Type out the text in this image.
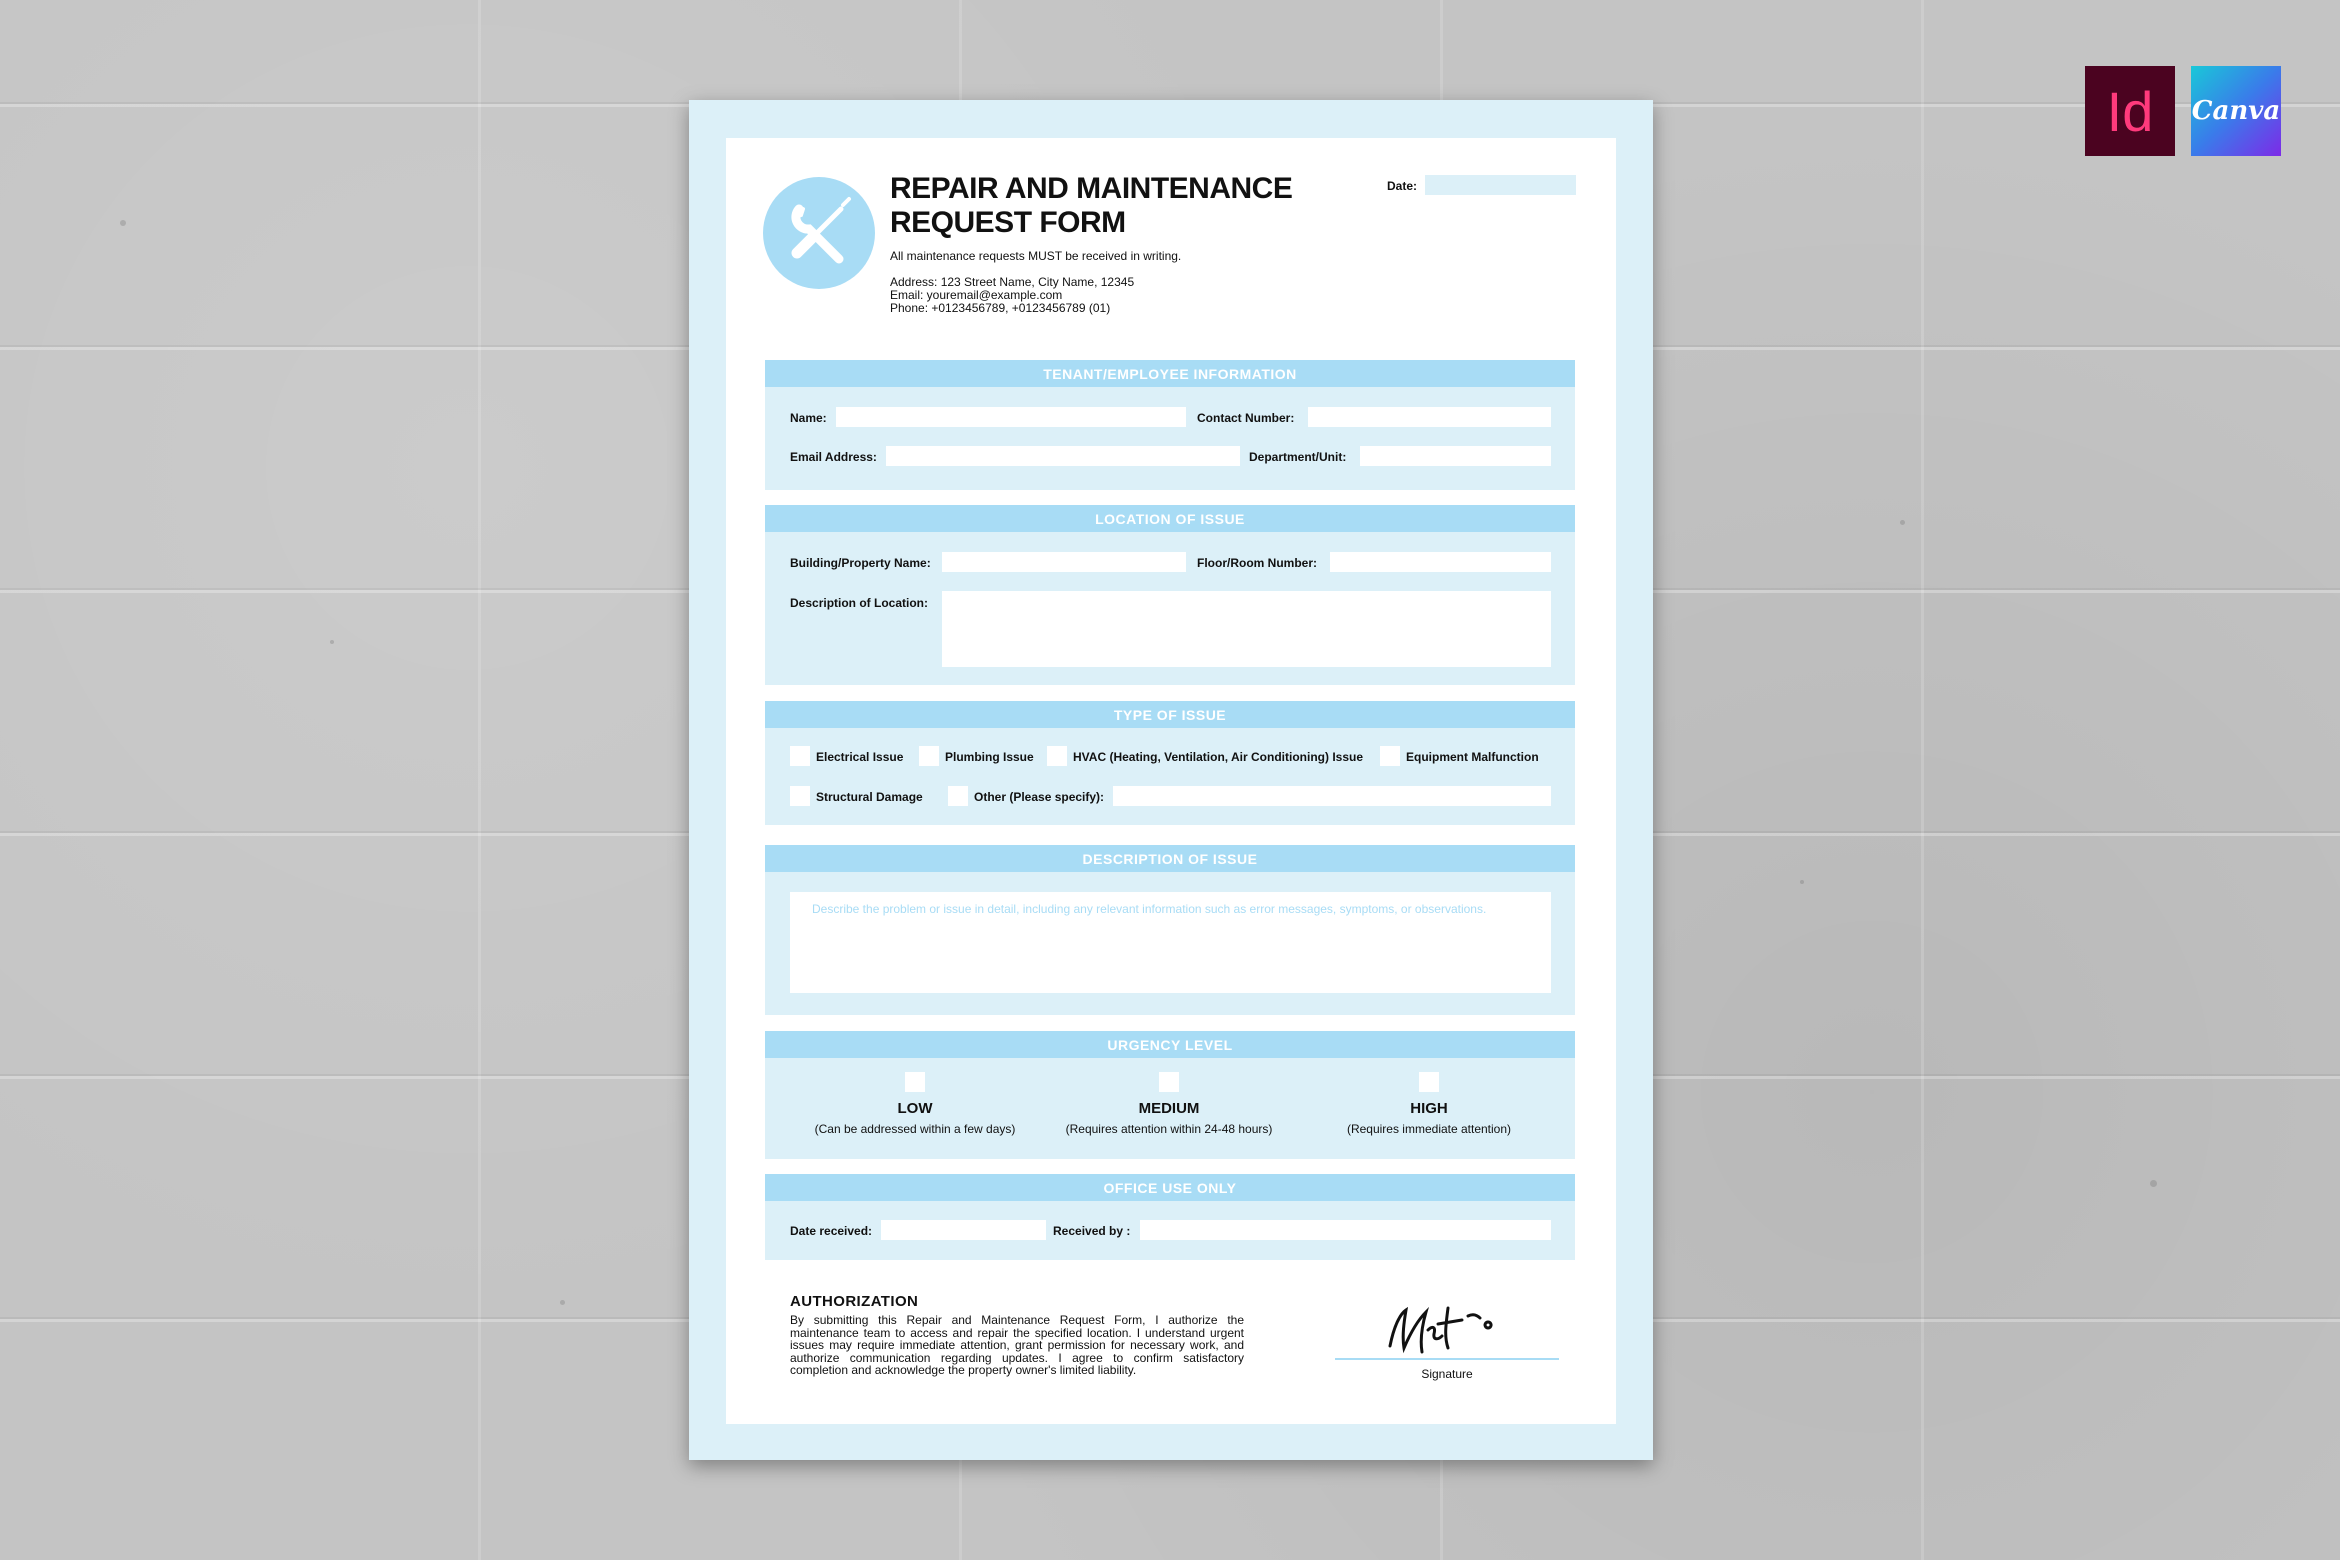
Id Canva
REPAIR AND MAINTENANCE
REQUEST FORM
All maintenance requests MUST be received in writing.
Address: 123 Street Name, City Name, 12345
Email: youremail@example.com
Phone: +0123456789, +0123456789 (01)
Date:
TENANT/EMPLOYEE INFORMATION
Name:	Contact Number:
Email Address:	Department/Unit:
LOCATION OF ISSUE
Building/Property Name:	Floor/Room Number:
Description of Location:
TYPE OF ISSUE
Electrical Issue	Plumbing Issue	HVAC (Heating, Ventilation, Air Conditioning) Issue	Equipment Malfunction
Structural Damage	Other (Please specify):
DESCRIPTION OF ISSUE
Describe the problem or issue in detail, including any relevant information such as error messages, symptoms, or observations.
URGENCY LEVEL
LOW
(Can be addressed within a few days)
MEDIUM
(Requires attention within 24-48 hours)
HIGH
(Requires immediate attention)
OFFICE USE ONLY
Date received:	Received by :
AUTHORIZATION
By submitting this Repair and Maintenance Request Form, I authorize the maintenance team to access and repair the specified location. I understand urgent issues may require immediate attention, grant permission for necessary work, and authorize communication regarding updates. I agree to confirm satisfactory completion and acknowledge the property owner's limited liability.	Signature
